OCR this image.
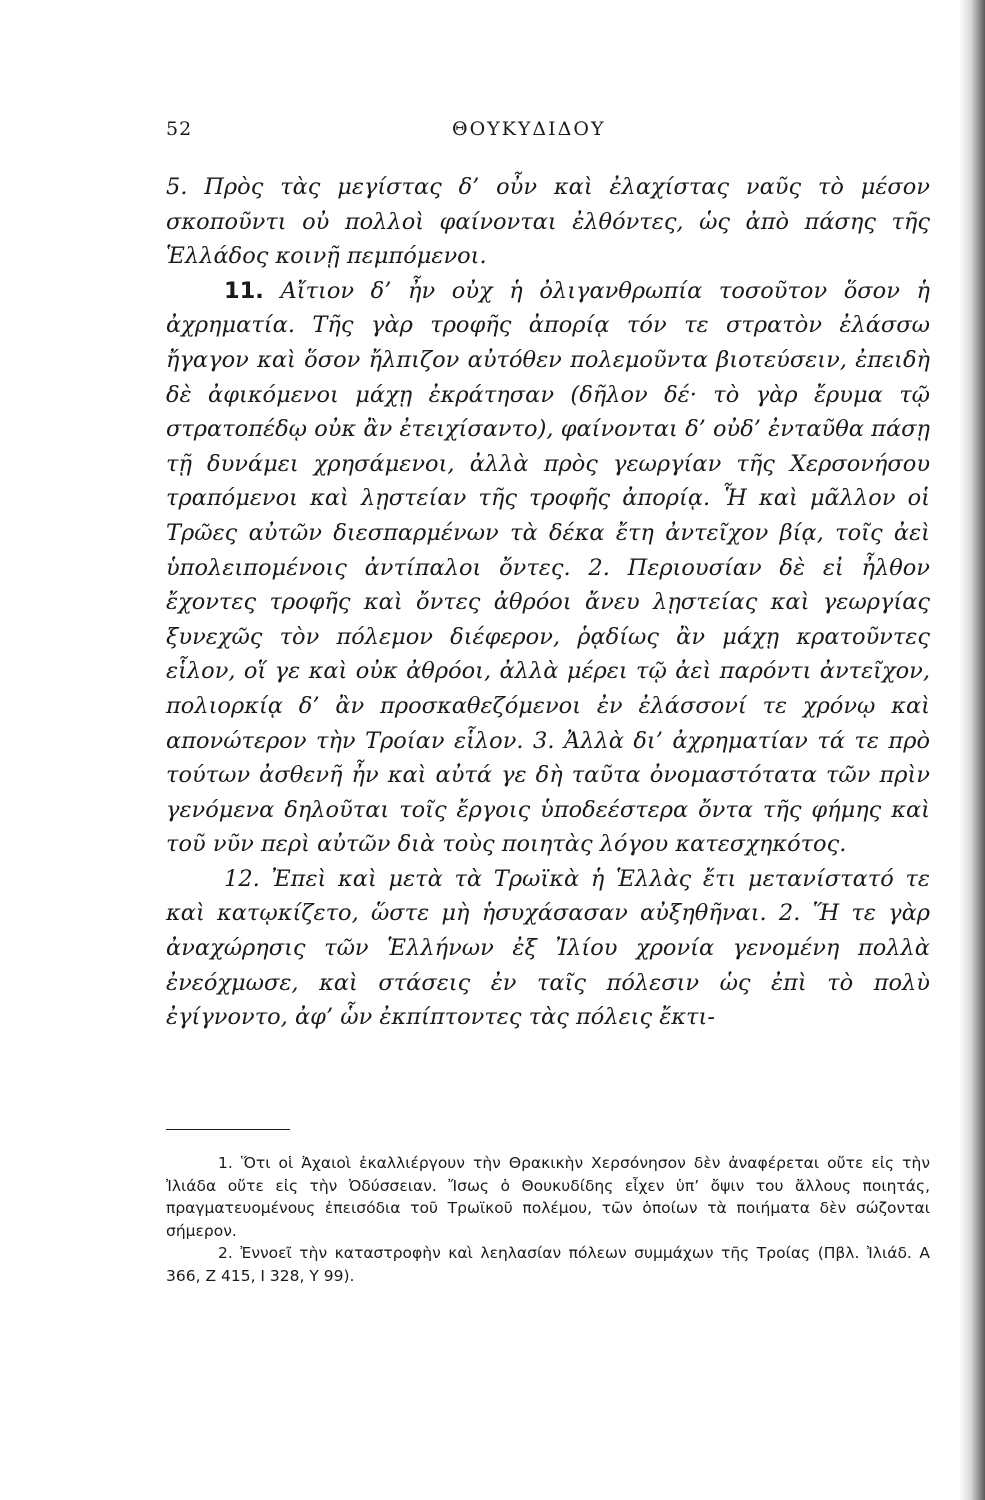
52	ΘΟΥΚΥΔΙΔΟΥ

5. Πρὸς τὰς μεγίστας δ’ οὖν καὶ ἐλαχίστας ναῦς τὸ μέσον σκοποῦντι οὐ πολλοὶ φαίνονται ἐλθόντες, ὡς ἀπὸ πάσης τῆς Ἑλλάδος κοινῇ πεμπόμενοι.

11. Αἴτιον δ’ ἦν οὐχ ἡ ὀλιγανθρωπία τοσοῦτον ὅσον ἡ ἀχρηματία. Τῆς γὰρ τροφῆς ἀπορίᾳ τόν τε στρατὸν ἐλάσσω ἤγαγον καὶ ὅσον ἤλπιζον αὐτόθεν πολεμοῦντα βιοτεύσειν, ἐπειδὴ δὲ ἀφικόμενοι μάχῃ ἐκράτησαν (δῆλον δέ· τὸ γὰρ ἔρυμα τῷ στρατοπέδῳ οὐκ ἂν ἐτειχίσαντο), φαίνονται δ’ οὐδ’ ἐνταῦθα πάσῃ τῇ δυνάμει χρησάμενοι, ἀλλὰ πρὸς γεωργίαν τῆς Χερσονήσου τραπόμενοι καὶ λῃστείαν τῆς τροφῆς ἀπορίᾳ. Ἧ καὶ μᾶλλον οἱ Τρῶες αὐτῶν διεσπαρμένων τὰ δέκα ἔτη ἀντεῖχον βίᾳ, τοῖς ἀεὶ ὑπολειπομένοις ἀντίπαλοι ὄντες. 2. Περιουσίαν δὲ εἰ ἦλθον ἔχοντες τροφῆς καὶ ὄντες ἀθρόοι ἄνευ λῃστείας καὶ γεωργίας ξυνεχῶς τὸν πόλεμον διέφερον, ῥᾳδίως ἂν μάχῃ κρατοῦντες εἷλον, οἵ γε καὶ οὐκ ἀθρόοι, ἀλλὰ μέρει τῷ ἀεὶ παρόντι ἀντεῖχον, πολιορκίᾳ δ’ ἂν προσκαθεζόμενοι ἐν ἐλάσσονί τε χρόνῳ καὶ απονώτερον τὴν Τροίαν εἷλον. 3. Ἀλλὰ δι’ ἀχρηματίαν τά τε πρὸ τούτων ἀσθενῆ ἦν καὶ αὐτά γε δὴ ταῦτα ὀνομαστότατα τῶν πρὶν γενόμενα δηλοῦται τοῖς ἔργοις ὑποδεέστερα ὄντα τῆς φήμης καὶ τοῦ νῦν περὶ αὐτῶν διὰ τοὺς ποιητὰς λόγου κατεσχηκότος.

12. Ἐπεὶ καὶ μετὰ τὰ Τρωϊκὰ ἡ Ἑλλὰς ἔτι μετανίστατό τε καὶ κατῳκίζετο, ὥστε μὴ ἡσυχάσασαν αὐξηθῆναι. 2. Ἥ τε γὰρ ἀναχώρησις τῶν Ἑλλήνων ἐξ Ἰλίου χρονία γενομένη πολλὰ ἐνεόχμωσε, καὶ στάσεις ἐν ταῖς πόλεσιν ὡς ἐπὶ τὸ πολὺ ἐγίγνοντο, ἀφ’ ὧν ἐκπίπτοντες τὰς πόλεις ἔκτι-

1. Ὅτι οἱ Ἀχαιοὶ ἐκαλλιέργουν τὴν Θρακικὴν Χερσόνησον δὲν ἀναφέρεται οὔτε εἰς τὴν Ἰλιάδα οὔτε εἰς τὴν Ὀδύσσειαν. Ἴσως ὁ Θουκυδίδης εἶχεν ὑπ’ ὄψιν του ἄλλους ποιητάς, πραγματευομένους ἐπεισόδια τοῦ Τρωϊκοῦ πολέμου, τῶν ὁποίων τὰ ποιήματα δὲν σώζονται σήμερον.

2. Ἐννοεῖ τὴν καταστροφὴν καὶ λεηλασίαν πόλεων συμμάχων τῆς Τροίας (Πβλ. Ἰλιάδ. Α 366, Ζ 415, Ι 328, Υ 99).
